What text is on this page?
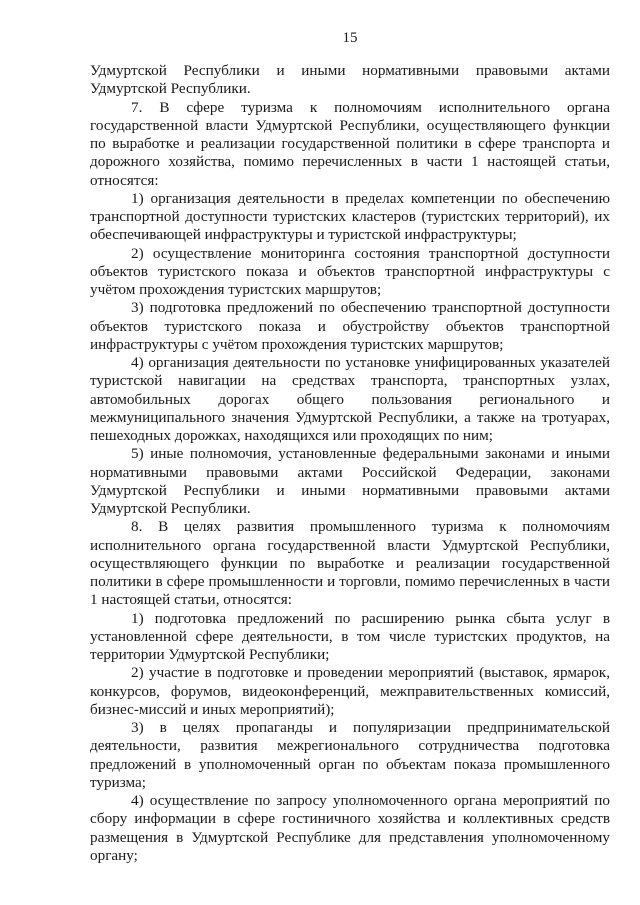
15

Удмуртской Республики и иными нормативными правовыми актами Удмуртской Республики.

7. В сфере туризма к полномочиям исполнительного органа государственной власти Удмуртской Республики, осуществляющего функции по выработке и реализации государственной политики в сфере транспорта и дорожного хозяйства, помимо перечисленных в части 1 настоящей статьи, относятся:

1) организация деятельности в пределах компетенции по обеспечению транспортной доступности туристских кластеров (туристских территорий), их обеспечивающей инфраструктуры и туристской инфраструктуры;

2) осуществление мониторинга состояния транспортной доступности объектов туристского показа и объектов транспортной инфраструктуры с учётом прохождения туристских маршрутов;

3) подготовка предложений по обеспечению транспортной доступности объектов туристского показа и обустройству объектов транспортной инфраструктуры с учётом прохождения туристских маршрутов;

4) организация деятельности по установке унифицированных указателей туристской навигации на средствах транспорта, транспортных узлах, автомобильных дорогах общего пользования регионального и межмуниципального значения Удмуртской Республики, а также на тротуарах, пешеходных дорожках, находящихся или проходящих по ним;

5) иные полномочия, установленные федеральными законами и иными нормативными правовыми актами Российской Федерации, законами Удмуртской Республики и иными нормативными правовыми актами Удмуртской Республики.

8. В целях развития промышленного туризма к полномочиям исполнительного органа государственной власти Удмуртской Республики, осуществляющего функции по выработке и реализации государственной политики в сфере промышленности и торговли, помимо перечисленных в части 1 настоящей статьи, относятся:

1) подготовка предложений по расширению рынка сбыта услуг в установленной сфере деятельности, в том числе туристских продуктов, на территории Удмуртской Республики;

2) участие в подготовке и проведении мероприятий (выставок, ярмарок, конкурсов, форумов, видеоконференций, межправительственных комиссий, бизнес-миссий и иных мероприятий);

3) в целях пропаганды и популяризации предпринимательской деятельности, развития межрегионального сотрудничества подготовка предложений в уполномоченный орган по объектам показа промышленного туризма;

4) осуществление по запросу уполномоченного органа мероприятий по сбору информации в сфере гостиничного хозяйства и коллективных средств размещения в Удмуртской Республике для представления уполномоченному органу;
